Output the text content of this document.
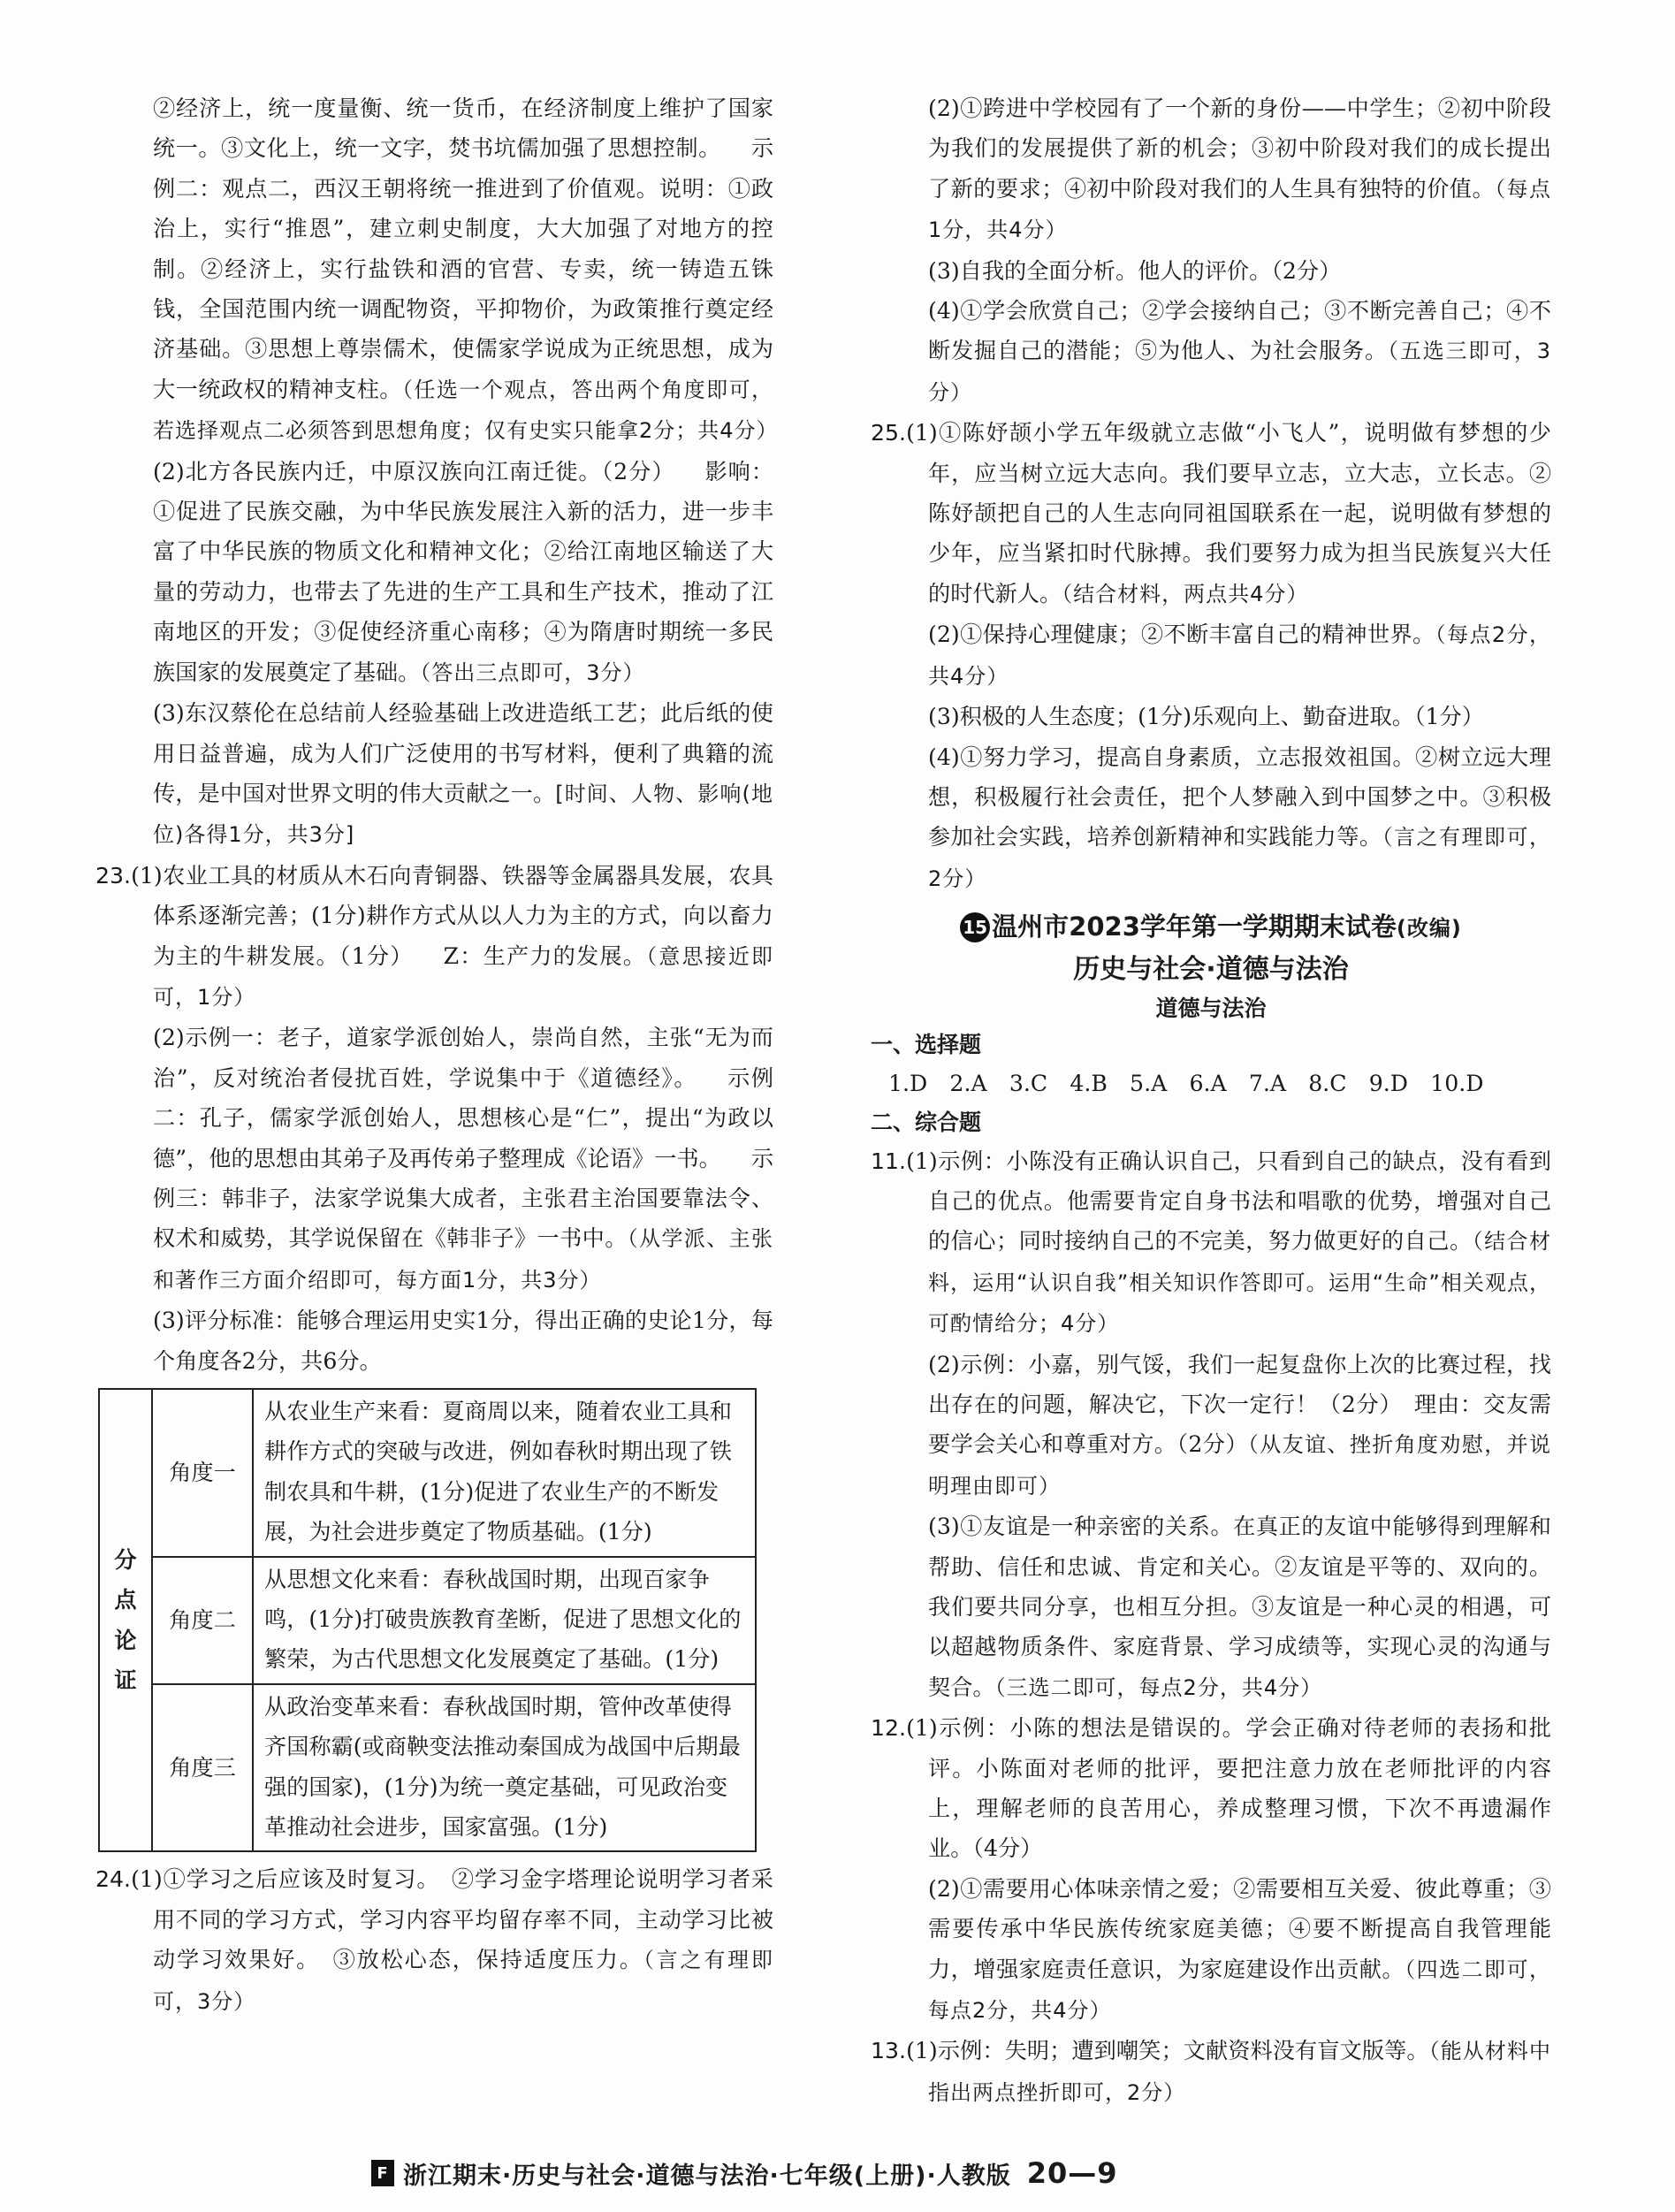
②经济上，统一度量衡、统一货币，在经济制度上维护了国家统一。③文化上，统一文字，焚书坑儒加强了思想控制。 示例二：观点二，西汉王朝将统一推进到了价值观。说明：①政治上，实行“推恩”，建立刺史制度，大大加强了对地方的控制。②经济上，实行盐铁和酒的官营、专卖，统一铸造五铢钱，全国范围内统一调配物资，平抑物价，为政策推行奠定经济基础。③思想上尊崇儒术，使儒家学说成为正统思想，成为大一统政权的精神支柱。（任选一个观点，答出两个角度即可，若选择观点二必须答到思想角度；仅有史实只能拿2分；共4分）

(2)北方各民族内迁，中原汉族向江南迁徙。（2分） 影响：①促进了民族交融，为中华民族发展注入新的活力，进一步丰富了中华民族的物质文化和精神文化；②给江南地区输送了大量的劳动力，也带去了先进的生产工具和生产技术，推动了江南地区的开发；③促使经济重心南移；④为隋唐时期统一多民族国家的发展奠定了基础。（答出三点即可，3分）

(3)东汉蔡伦在总结前人经验基础上改进造纸工艺；此后纸的使用日益普遍，成为人们广泛使用的书写材料，便利了典籍的流传，是中国对世界文明的伟大贡献之一。[时间、人物、影响(地位)各得1分，共3分]

23.(1)农业工具的材质从木石向青铜器、铁器等金属器具发展，农具体系逐渐完善；(1分)耕作方式从以人力为主的方式，向以畜力为主的牛耕发展。（1分） Z：生产力的发展。（意思接近即可，1分）

(2)示例一：老子，道家学派创始人，崇尚自然，主张“无为而治”，反对统治者侵扰百姓，学说集中于《道德经》。 示例二：孔子，儒家学派创始人，思想核心是“仁”，提出“为政以德”，他的思想由其弟子及再传弟子整理成《论语》一书。 示例三：韩非子，法家学说集大成者，主张君主治国要靠法令、权术和威势，其学说保留在《韩非子》一书中。（从学派、主张和著作三方面介绍即可，每方面1分，共3分）

(3)评分标准：能够合理运用史实1分，得出正确的史论1分，每个角度各2分，共6分。

分点论证	角度一	从农业生产来看：夏商周以来，随着农业工具和耕作方式的突破与改进，例如春秋时期出现了铁制农具和牛耕，(1分)促进了农业生产的不断发展，为社会进步奠定了物质基础。(1分)
	角度二	从思想文化来看：春秋战国时期，出现百家争鸣，(1分)打破贵族教育垄断，促进了思想文化的繁荣，为古代思想文化发展奠定了基础。(1分)
	角度三	从政治变革来看：春秋战国时期，管仲改革使得齐国称霸(或商鞅变法推动秦国成为战国中后期最强的国家)，(1分)为统一奠定基础，可见政治变革推动社会进步，国家富强。(1分)

24.(1)①学习之后应该及时复习。　②学习金字塔理论说明学习者采用不同的学习方式，学习内容平均留存率不同，主动学习比被动学习效果好。　③放松心态，保持适度压力。（言之有理即可，3分）

(2)①跨进中学校园有了一个新的身份——中学生；②初中阶段为我们的发展提供了新的机会；③初中阶段对我们的成长提出了新的要求；④初中阶段对我们的人生具有独特的价值。（每点1分，共4分）

(3)自我的全面分析。他人的评价。（2分）

(4)①学会欣赏自己；②学会接纳自己；③不断完善自己；④不断发掘自己的潜能；⑤为他人、为社会服务。（五选三即可，3分）

25.(1)①陈妤颉小学五年级就立志做“小飞人”，说明做有梦想的少年，应当树立远大志向。我们要早立志，立大志，立长志。②陈妤颉把自己的人生志向同祖国联系在一起，说明做有梦想的少年，应当紧扣时代脉搏。我们要努力成为担当民族复兴大任的时代新人。（结合材料，两点共4分）

(2)①保持心理健康；②不断丰富自己的精神世界。（每点2分，共4分）

(3)积极的人生态度；(1分)乐观向上、勤奋进取。（1分）

(4)①努力学习，提高自身素质，立志报效祖国。②树立远大理想，积极履行社会责任，把个人梦融入到中国梦之中。③积极参加社会实践，培养创新精神和实践能力等。（言之有理即可，2分）

15 温州市2023学年第一学期期末试卷(改编)
历史与社会·道德与法治
道德与法治

一、选择题

1.D　2.A　3.C　4.B　5.A　6.A　7.A　8.C　9.D　10.D

二、综合题

11.(1)示例：小陈没有正确认识自己，只看到自己的缺点，没有看到自己的优点。他需要肯定自身书法和唱歌的优势，增强对自己的信心；同时接纳自己的不完美，努力做更好的自己。（结合材料，运用“认识自我”相关知识作答即可。运用“生命”相关观点，可酌情给分；4分）

(2)示例：小嘉，别气馁，我们一起复盘你上次的比赛过程，找出存在的问题，解决它，下次一定行！（2分）　理由：交友需要学会关心和尊重对方。（2分）（从友谊、挫折角度劝慰，并说明理由即可）

(3)①友谊是一种亲密的关系。在真正的友谊中能够得到理解和帮助、信任和忠诚、肯定和关心。②友谊是平等的、双向的。我们要共同分享，也相互分担。③友谊是一种心灵的相遇，可以超越物质条件、家庭背景、学习成绩等，实现心灵的沟通与契合。（三选二即可，每点2分，共4分）

12.(1)示例：小陈的想法是错误的。学会正确对待老师的表扬和批评。小陈面对老师的批评，要把注意力放在老师批评的内容上，理解老师的良苦用心，养成整理习惯，下次不再遗漏作业。（4分）

(2)①需要用心体味亲情之爱；②需要相互关爱、彼此尊重；③需要传承中华民族传统家庭美德；④要不断提高自我管理能力，增强家庭责任意识，为家庭建设作出贡献。（四选二即可，每点2分，共4分）

13.(1)示例：失明；遭到嘲笑；文献资料没有盲文版等。（能从材料中指出两点挫折即可，2分）

F 浙江期末·历史与社会·道德与法治·七年级(上册)·人教版 20—9
